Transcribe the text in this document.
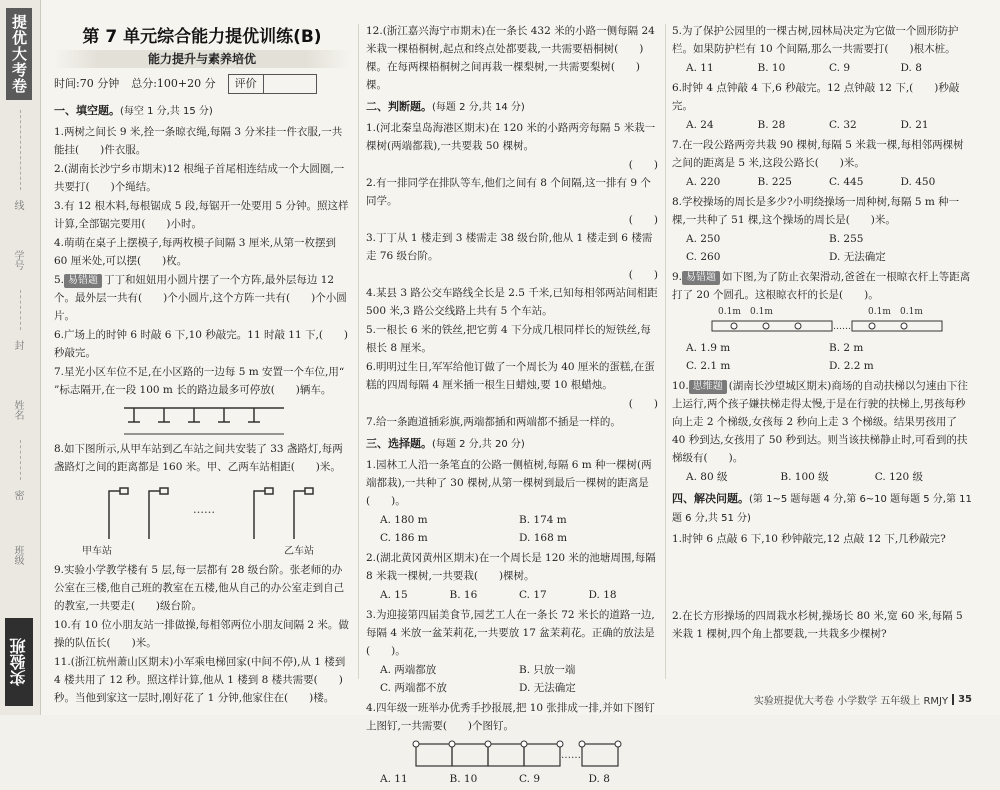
提优大考卷
线
学号
封
姓名
密
班级
实验班
第 7 单元综合能力提优训练(B)
能力提升与素养培优
时间:70 分钟 总分:100+20 分	评价
一、填空题。(每空 1 分,共 15 分)

1.两树之间长 9 米,拴一条晾衣绳,每隔 3 分米挂一件衣服,一共能挂(　　)件衣服。

2.(湖南长沙宁乡市期末)12 根绳子首尾相连结成一个大圆圈,一共要打(　　)个绳结。

3.有 12 根木料,每根锯成 5 段,每锯开一处要用 5 分钟。照这样计算,全部锯完要用(　　)小时。

4.萌萌在桌子上摆模子,每两枚模子间隔 3 厘米,从第一枚摆到 60 厘米处,可以摆(　　)枚。

5. 易错题 丁丁和妞妞用小圆片摆了一个方阵,最外层每边 12 个。最外层一共有(　　)个小圆片,这个方阵一共有(　　)个小圆片。

6.广场上的时钟 6 时敲 6 下,10 秒敲完。11 时敲 11 下,(　　)秒敲完。

7.星光小区车位不足,在小区路的一边每 5 m 安置一个车位,用“ ”标志隔开,在一段 100 m 长的路边最多可停放(　　)辆车。

8.如下图所示,从甲车站到乙车站之间共安装了 33 盏路灯,每两盏路灯之间的距离都是 160 米。甲、乙两车站相距(　　)米。

……
甲车站	乙车站

9.实验小学教学楼有 5 层,每一层都有 28 级台阶。张老师的办公室在三楼,他自己班的教室在五楼,他从自己的办公室走到自己的教室,一共要走(　　)级台阶。

10.有 10 位小朋友站一排做操,每相邻两位小朋友间隔 2 米。做操的队伍长(　　)米。

11.(浙江杭州萧山区期末)小军乘电梯回家(中间不停),从 1 楼到 4 楼共用了 12 秒。照这样计算,他从 1 楼到 8 楼共需要(　　)秒。当他到家这一层时,刚好花了 1 分钟,他家住在(　　)楼。

12.(浙江嘉兴海宁市期末)在一条长 432 米的小路一侧每隔 24 米栽一棵梧桐树,起点和终点处都要栽,一共需要梧桐树(　　)棵。在每两棵梧桐树之间再栽一棵梨树,一共需要梨树(　　)棵。

二、判断题。(每题 2 分,共 14 分)

1.(河北秦皇岛海港区期末)在 120 米的小路两旁每隔 5 米栽一棵树(两端都栽),一共要栽 50 棵树。

(　　)

2.有一排同学在排队等车,他们之间有 8 个间隔,这一排有 9 个同学。

(　　)

3.丁丁从 1 楼走到 3 楼需走 38 级台阶,他从 1 楼走到 6 楼需走 76 级台阶。

(　　)

4.某县 3 路公交车路线全长是 2.5 千米,已知每相邻两站间相距 500 米,3 路公交线路上共有 5 个车站。

5.一根长 6 米的铁丝,把它剪 4 下分成几根同样长的短铁丝,每根长 8 厘米。

6.明明过生日,军军给他订做了一个周长为 40 厘米的蛋糕,在蛋糕的四周每隔 4 厘米插一根生日蜡烛,要 10 根蜡烛。

(　　)

7.给一条跑道插彩旗,两端都插和两端都不插是一样的。

三、选择题。(每题 2 分,共 20 分)

1.园林工人沿一条笔直的公路一侧植树,每隔 6 m 种一棵树(两端都栽),一共种了 30 棵树,从第一棵树到最后一棵树的距离是(　　)。

A. 180 m	B. 174 m
C. 186 m	D. 168 m

2.(湖北黄冈黄州区期末)在一个周长是 120 米的池塘周围,每隔 8 米栽一棵树,一共要栽(　　)棵树。

A. 15	B. 16	C. 17	D. 18

3.为迎接第四届美食节,园艺工人在一条长 72 米长的道路一边,每隔 4 米放一盆茉莉花,一共要放 17 盆茉莉花。正确的放法是(　　)。

A. 两端都放	B. 只放一端
C. 两端都不放	D. 无法确定

4.四年级一班举办优秀手抄报展,把 10 张排成一排,并如下图钉上图钉,一共需要(　　)个图钉。

……
A. 11	B. 10	C. 9	D. 8

5.为了保护公园里的一棵古树,园林局决定为它做一个圆形防护栏。如果防护栏有 10 个间隔,那么一共需要打(　　)根木桩。

A. 11	B. 10	C. 9	D. 8

6.时钟 4 点钟敲 4 下,6 秒敲完。12 点钟敲 12 下,(　　)秒敲完。

A. 24	B. 28	C. 32	D. 21

7.在一段公路两旁共栽 90 棵树,每隔 5 米栽一棵,每相邻两棵树之间的距离是 5 米,这段公路长(　　)米。

A. 220	B. 225	C. 445	D. 450

8.学校操场的周长是多少?小明绕操场一周种树,每隔 5 m 种一棵,一共种了 51 棵,这个操场的周长是(　　)米。

A. 250	B. 255
C. 260	D. 无法确定

9. 易错题 如下图,为了防止衣架滑动,爸爸在一根晾衣杆上等距离打了 20 个圆孔。这根晾衣杆的长是(　　)。

0.1m 0.1m	0.1m 0.1m
……
A. 1.9 m	B. 2 m
C. 2.1 m	D. 2.2 m

10. 思维题 (湖南长沙望城区期末)商场的自动扶梯以匀速由下往上运行,两个孩子嫌扶梯走得太慢,于是在行驶的扶梯上,男孩每秒向上走 2 个梯级,女孩每 2 秒向上走 3 个梯级。结果男孩用了 40 秒到达,女孩用了 50 秒到达。则当该扶梯静止时,可看到的扶梯级有(　　)。

A. 80 级	B. 100 级	C. 120 级
四、解决问题。(第 1~5 题每题 4 分,第 6~10 题每题 5 分,第 11 题 6 分,共 51 分)

1.时钟 6 点敲 6 下,10 秒钟敲完,12 点敲 12 下,几秒敲完?

2.在长方形操场的四周栽水杉树,操场长 80 米,宽 60 米,每隔 5 米栽 1 棵树,四个角上都要栽,一共栽多少棵树?

实验班提优大考卷 小学数学 五年级上 RMJY	35
